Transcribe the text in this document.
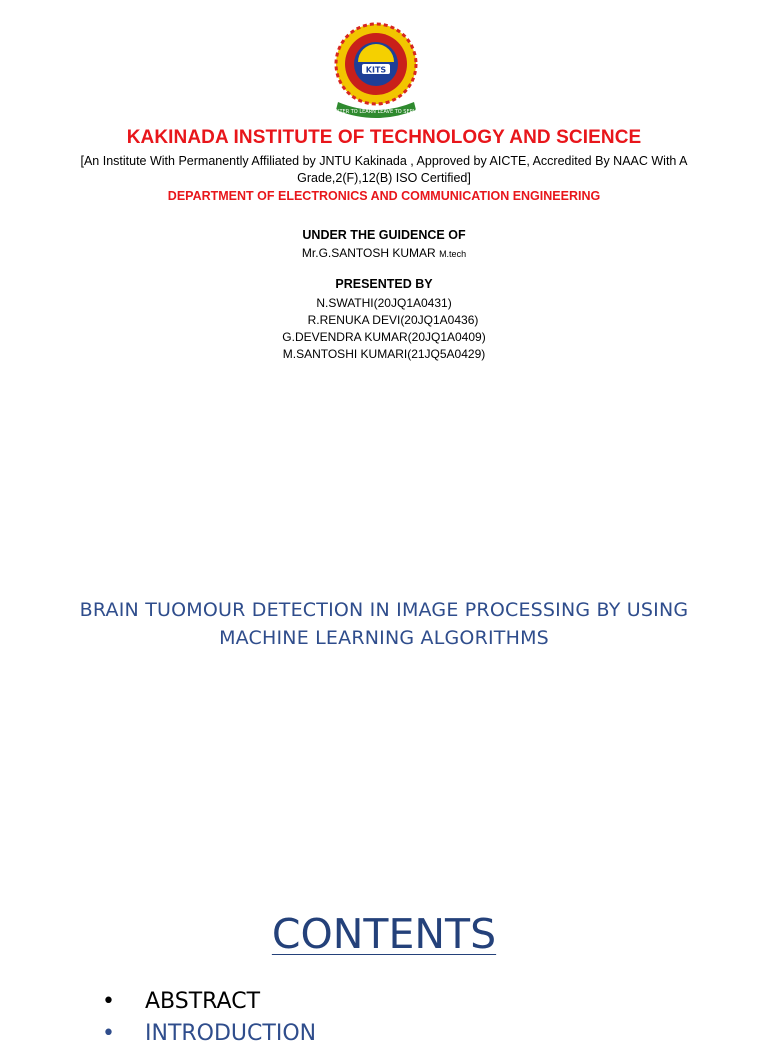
KITS
ENTER TO LEARN LEAVE TO SERVE
KAKINADA INSTITUTE OF TECHNOLOGY AND SCIENCE
[An Institute With Permanently Affiliated by JNTU Kakinada , Approved by AICTE, Accredited By NAAC With A Grade,2(F),12(B) ISO Certified]
DEPARTMENT OF ELECTRONICS AND COMMUNICATION ENGINEERING
UNDER THE GUIDENCE OF
Mr.G.SANTOSH KUMAR M.tech
PRESENTED BY
N.SWATHI(20JQ1A0431)
R.RENUKA DEVI(20JQ1A0436)
G.DEVENDRA KUMAR(20JQ1A0409)
M.SANTOSHI KUMARI(21JQ5A0429)
BRAIN TUOMOUR DETECTION IN IMAGE PROCESSING BY USING
MACHINE LEARNING ALGORITHMS
CONTENTS
•	ABSTRACT
•	INTRODUCTION
